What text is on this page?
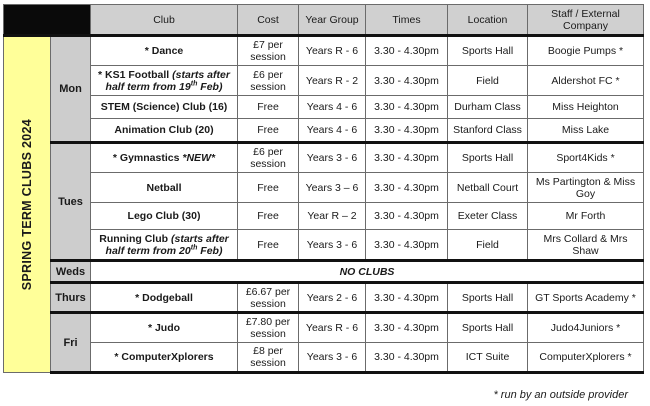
		Club	Cost	Year Group	Times	Location	Staff / External Company

SPRING TERM CLUBS 2024	Mon	* Dance	£7 per session	Years R - 6	3.30 - 4.30pm	Sports Hall	Boogie Pumps *
		* KS1 Football (starts after half term from 19th Feb)	£6 per session	Years R - 2	3.30 - 4.30pm	Field	Aldershot FC *
		STEM (Science) Club (16)	Free	Years 4 - 6	3.30 - 4.30pm	Durham Class	Miss Heighton
		Animation Club (20)	Free	Years 4 - 6	3.30 - 4.30pm	Stanford Class	Miss Lake
	Tues	* Gymnastics *NEW*	£6 per session	Years 3 - 6	3.30 - 4.30pm	Sports Hall	Sport4Kids *
		Netball	Free	Years 3 – 6	3.30 - 4.30pm	Netball Court	Ms Partington & Miss Goy
		Lego Club (30)	Free	Year R – 2	3.30 - 4.30pm	Exeter Class	Mr Forth
		Running Club (starts after half term from 20th Feb)	Free	Years 3 - 6	3.30 - 4.30pm	Field	Mrs Collard & Mrs Shaw
	Weds	NO CLUBS					
	Thurs	* Dodgeball	£6.67 per session	Years 2 - 6	3.30 - 4.30pm	Sports Hall	GT Sports Academy *
	Fri	* Judo	£7.80 per session	Years R - 6	3.30 - 4.30pm	Sports Hall	Judo4Juniors *
		* ComputerXplorers	£8 per session	Years 3 - 6	3.30 - 4.30pm	ICT Suite	ComputerXplorers *
* run by an outside provider
